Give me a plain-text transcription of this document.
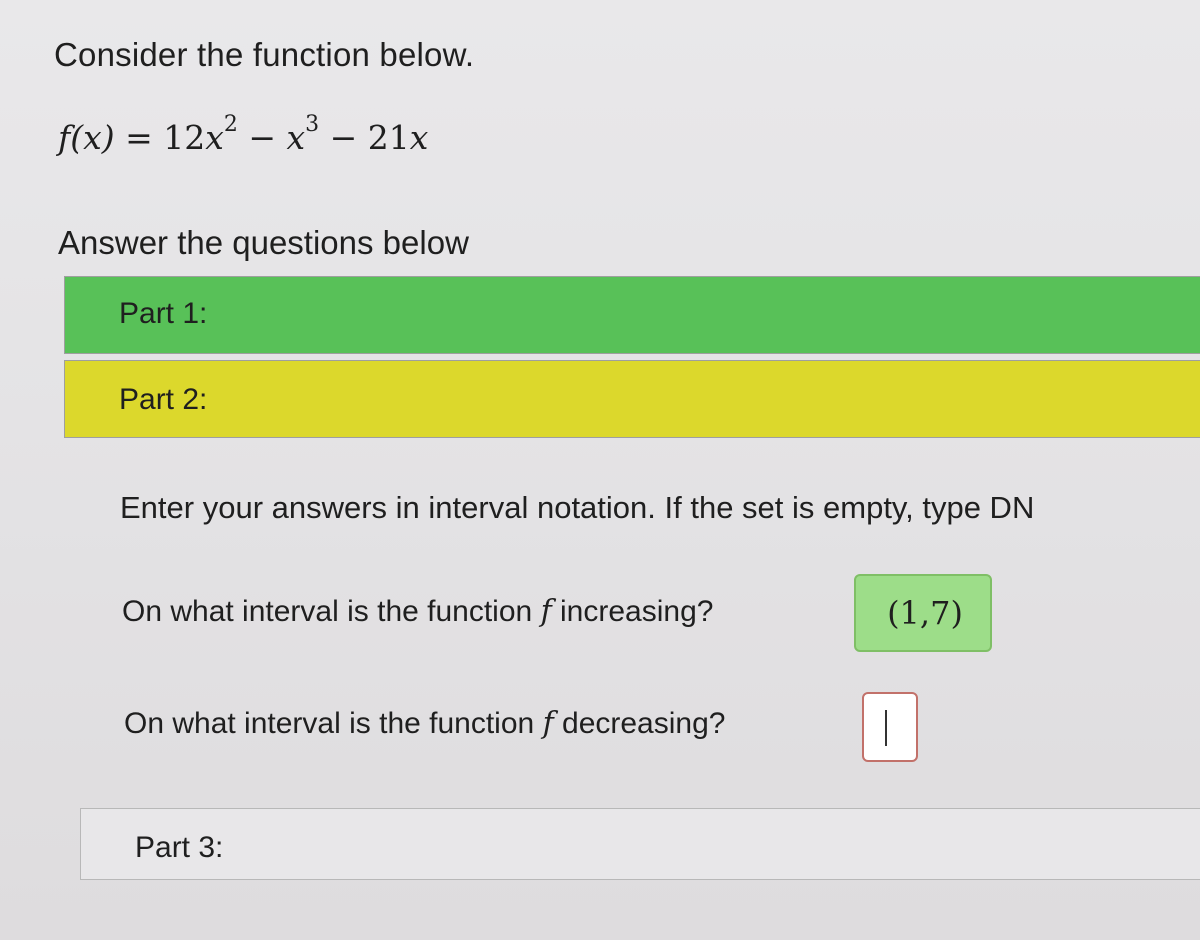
Consider the function below.
$f(x) = 12x^2 - x^3 - 21x$
Answer the questions below
Part 1:
Part 2:
Enter your answers in interval notation. If the set is empty, type DN
On what interval is the function f increasing?	(1,7)
On what interval is the function f decreasing?
Part 3:
